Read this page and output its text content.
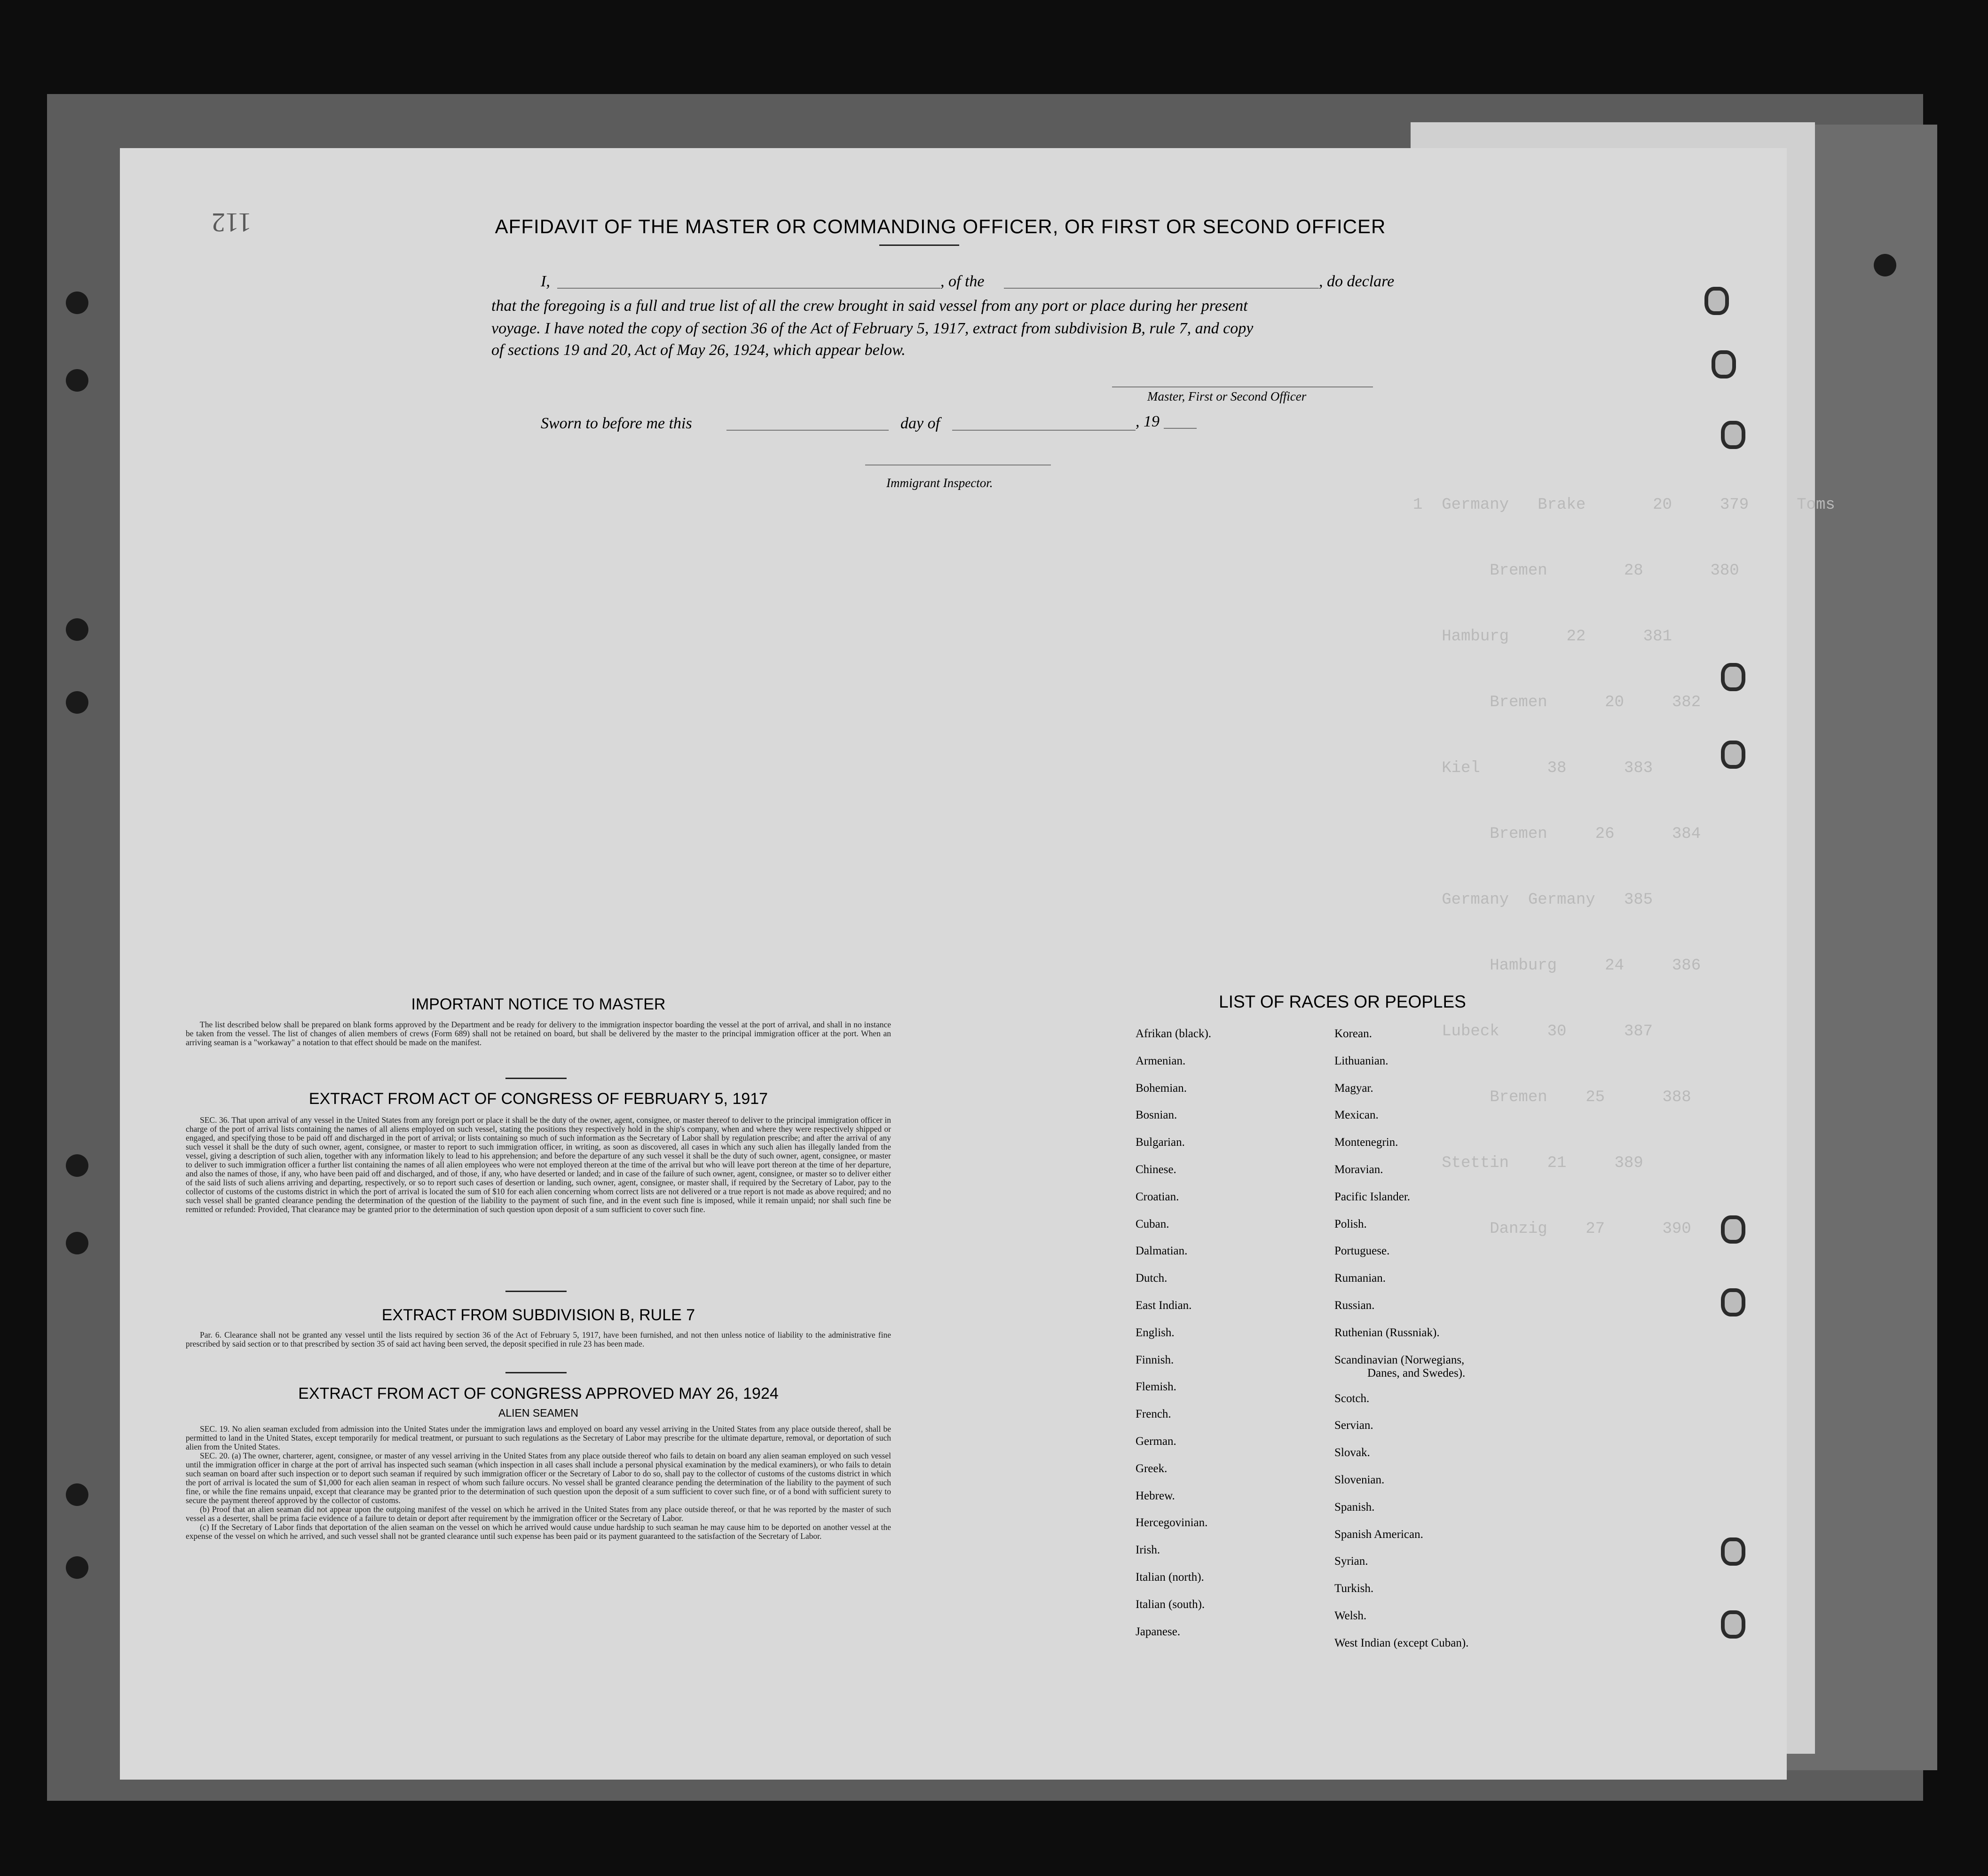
1  Germany   Brake       20     379     Toms
Bremen        28       380
Hamburg      22      381
Bremen      20     382
Kiel       38      383
Bremen     26      384
Germany  Germany   385
Hamburg     24     386
Lubeck     30      387
Bremen    25      388
Stettin    21     389
Danzig    27      390
112	AFFIDAVIT OF THE MASTER OR COMMANDING OFFICER, OR FIRST OR SECOND OFFICER
I,	, of the	, do declare
that the foregoing is a full and true list of all the crew brought in said vessel from any port or place during her present
voyage. I have noted the copy of section 36 of the Act of February 5, 1917, extract from subdivision B, rule 7, and copy
of sections 19 and 20, Act of May 26, 1924, which appear below.
Master, First or Second Officer
Sworn to before me this	day of	, 19
Immigrant Inspector.
IMPORTANT NOTICE TO MASTER

The list described below shall be prepared on blank forms approved by the Department and be ready for delivery to the immigration inspector boarding the vessel at the port of arrival, and shall in no instance be taken from the vessel. The list of changes of alien members of crews (Form 689) shall not be retained on board, but shall be delivered by the master to the principal immigration officer at the port. When an arriving seaman is a "workaway" a notation to that effect should be made on the manifest.

EXTRACT FROM ACT OF CONGRESS OF FEBRUARY 5, 1917

SEC. 36. That upon arrival of any vessel in the United States from any foreign port or place it shall be the duty of the owner, agent, consignee, or master thereof to deliver to the principal immigration officer in charge of the port of arrival lists containing the names of all aliens employed on such vessel, stating the positions they respectively hold in the ship's company, when and where they were respectively shipped or engaged, and specifying those to be paid off and discharged in the port of arrival; or lists containing so much of such information as the Secretary of Labor shall by regulation prescribe; and after the arrival of any such vessel it shall be the duty of such owner, agent, consignee, or master to report to such immigration officer, in writing, as soon as discovered, all cases in which any such alien has illegally landed from the vessel, giving a description of such alien, together with any information likely to lead to his apprehension; and before the departure of any such vessel it shall be the duty of such owner, agent, consignee, or master to deliver to such immigration officer a further list containing the names of all alien employees who were not employed thereon at the time of the arrival but who will leave port thereon at the time of her departure, and also the names of those, if any, who have been paid off and discharged, and of those, if any, who have deserted or landed; and in case of the failure of such owner, agent, consignee, or master so to deliver either of the said lists of such aliens arriving and departing, respectively, or so to report such cases of desertion or landing, such owner, agent, consignee, or master shall, if required by the Secretary of Labor, pay to the collector of customs of the customs district in which the port of arrival is located the sum of $10 for each alien concerning whom correct lists are not delivered or a true report is not made as above required; and no such vessel shall be granted clearance pending the determination of the question of the liability to the payment of such fine, and in the event such fine is imposed, while it remain unpaid; nor shall such fine be remitted or refunded: Provided, That clearance may be granted prior to the determination of such question upon deposit of a sum sufficient to cover such fine.

EXTRACT FROM SUBDIVISION B, RULE 7

Par. 6. Clearance shall not be granted any vessel until the lists required by section 36 of the Act of February 5, 1917, have been furnished, and not then unless notice of liability to the administrative fine prescribed by said section or to that prescribed by section 35 of said act having been served, the deposit specified in rule 23 has been made.

EXTRACT FROM ACT OF CONGRESS APPROVED MAY 26, 1924
ALIEN SEAMEN

SEC. 19. No alien seaman excluded from admission into the United States under the immigration laws and employed on board any vessel arriving in the United States from any place outside thereof, shall be permitted to land in the United States, except temporarily for medical treatment, or pursuant to such regulations as the Secretary of Labor may prescribe for the ultimate departure, removal, or deportation of such alien from the United States.

SEC. 20. (a) The owner, charterer, agent, consignee, or master of any vessel arriving in the United States from any place outside thereof who fails to detain on board any alien seaman employed on such vessel until the immigration officer in charge at the port of arrival has inspected such seaman (which inspection in all cases shall include a personal physical examination by the medical examiners), or who fails to detain such seaman on board after such inspection or to deport such seaman if required by such immigration officer or the Secretary of Labor to do so, shall pay to the collector of customs of the customs district in which the port of arrival is located the sum of $1,000 for each alien seaman in respect of whom such failure occurs. No vessel shall be granted clearance pending the determination of the liability to the payment of such fine, or while the fine remains unpaid, except that clearance may be granted prior to the determination of such question upon the deposit of a sum sufficient to cover such fine, or of a bond with sufficient surety to secure the payment thereof approved by the collector of customs.

(b) Proof that an alien seaman did not appear upon the outgoing manifest of the vessel on which he arrived in the United States from any place outside thereof, or that he was reported by the master of such vessel as a deserter, shall be prima facie evidence of a failure to detain or deport after requirement by the immigration officer or the Secretary of Labor.

(c) If the Secretary of Labor finds that deportation of the alien seaman on the vessel on which he arrived would cause undue hardship to such seaman he may cause him to be deported on another vessel at the expense of the vessel on which he arrived, and such vessel shall not be granted clearance until such expense has been paid or its payment guaranteed to the satisfaction of the Secretary of Labor.

LIST OF RACES OR PEOPLES
Afrikan (black).
Armenian.
Bohemian.
Bosnian.
Bulgarian.
Chinese.
Croatian.
Cuban.
Dalmatian.
Dutch.
East Indian.
English.
Finnish.
Flemish.
French.
German.
Greek.
Hebrew.
Hercegovinian.
Irish.
Italian (north).
Italian (south).
Japanese.
Korean.
Lithuanian.
Magyar.
Mexican.
Montenegrin.
Moravian.
Pacific Islander.
Polish.
Portuguese.
Rumanian.
Russian.
Ruthenian (Russniak).
Scandinavian (Norwegians,
Danes, and Swedes).
Scotch.
Servian.
Slovak.
Slovenian.
Spanish.
Spanish American.
Syrian.
Turkish.
Welsh.
West Indian (except Cuban).
